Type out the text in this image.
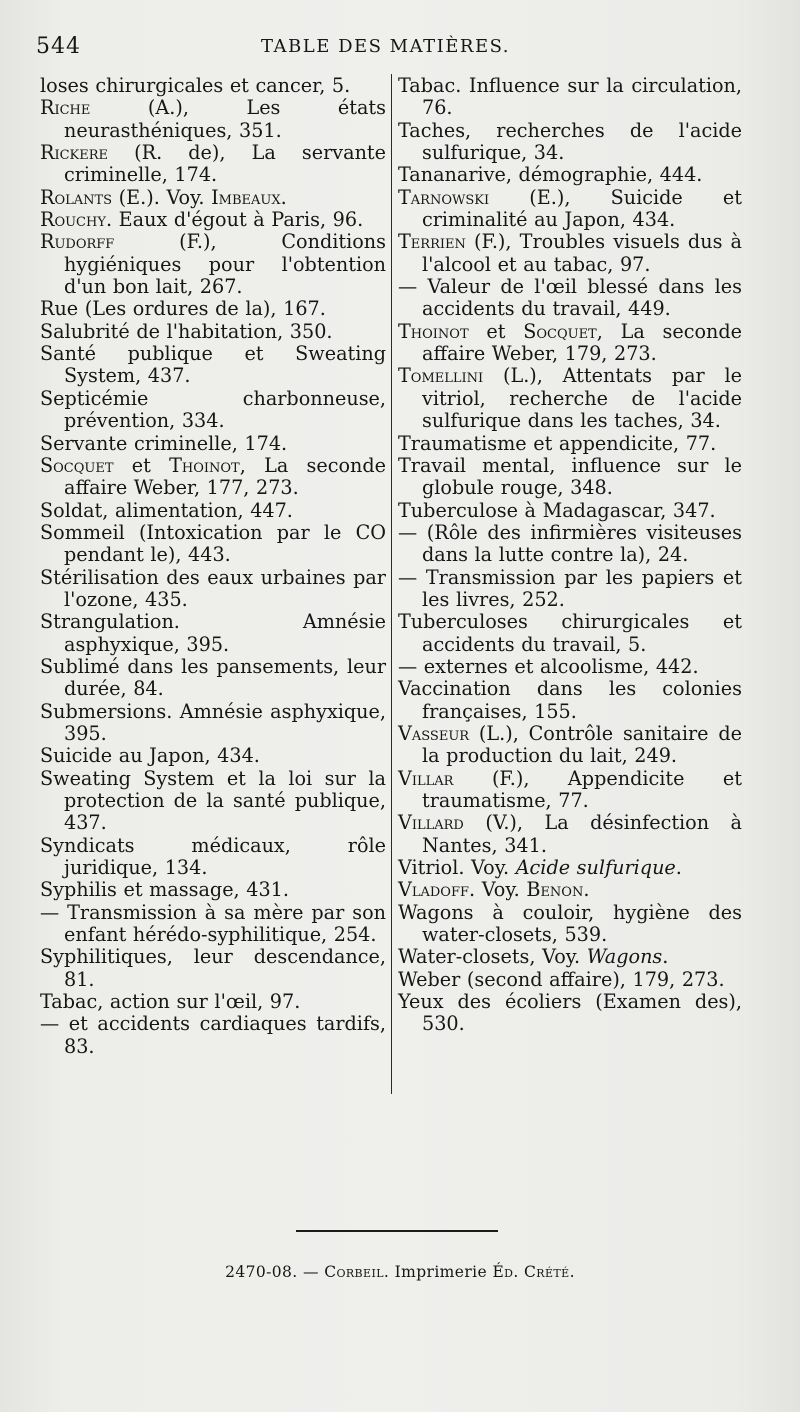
544	TABLE DES MATIÈRES.

loses chirurgicales et cancer, 5.

Riche (A.), Les états neurasthéniques, 351.

Rickere (R. de), La servante criminelle, 174.

Rolants (E.). Voy. Imbeaux.

Rouchy. Eaux d'égout à Paris, 96.

Rudorff (F.), Conditions hygiéniques pour l'obtention d'un bon lait, 267.

Rue (Les ordures de la), 167.

Salubrité de l'habitation, 350.

Santé publique et Sweating System, 437.

Septicémie charbonneuse, prévention, 334.

Servante criminelle, 174.

Socquet et Thoinot, La seconde affaire Weber, 177, 273.

Soldat, alimentation, 447.

Sommeil (Intoxication par le CO pendant le), 443.

Stérilisation des eaux urbaines par l'ozone, 435.

Strangulation. Amnésie asphyxique, 395.

Sublimé dans les pansements, leur durée, 84.

Submersions. Amnésie asphyxique, 395.

Suicide au Japon, 434.

Sweating System et la loi sur la protection de la santé publique, 437.

Syndicats médicaux, rôle juridique, 134.

Syphilis et massage, 431.

— Transmission à sa mère par son enfant hérédo-syphilitique, 254.

Syphilitiques, leur descendance, 81.

Tabac, action sur l'œil, 97.

— et accidents cardiaques tardifs, 83.

Tabac. Influence sur la circulation, 76.

Taches, recherches de l'acide sulfurique, 34.

Tananarive, démographie, 444.

Tarnowski (E.), Suicide et criminalité au Japon, 434.

Terrien (F.), Troubles visuels dus à l'alcool et au tabac, 97.

— Valeur de l'œil blessé dans les accidents du travail, 449.

Thoinot et Socquet, La seconde affaire Weber, 179, 273.

Tomellini (L.), Attentats par le vitriol, recherche de l'acide sulfurique dans les taches, 34.

Traumatisme et appendicite, 77.

Travail mental, influence sur le globule rouge, 348.

Tuberculose à Madagascar, 347.

— (Rôle des infirmières visiteuses dans la lutte contre la), 24.

— Transmission par les papiers et les livres, 252.

Tuberculoses chirurgicales et accidents du travail, 5.

— externes et alcoolisme, 442.

Vaccination dans les colonies françaises, 155.

Vasseur (L.), Contrôle sanitaire de la production du lait, 249.

Villar (F.), Appendicite et traumatisme, 77.

Villard (V.), La désinfection à Nantes, 341.

Vitriol. Voy. Acide sulfurique.

Vladoff. Voy. Benon.

Wagons à couloir, hygiène des water-closets, 539.

Water-closets, Voy. Wagons.

Weber (second affaire), 179, 273.

Yeux des écoliers (Examen des), 530.

2470-08. — Corbeil. Imprimerie Éd. Crété.
